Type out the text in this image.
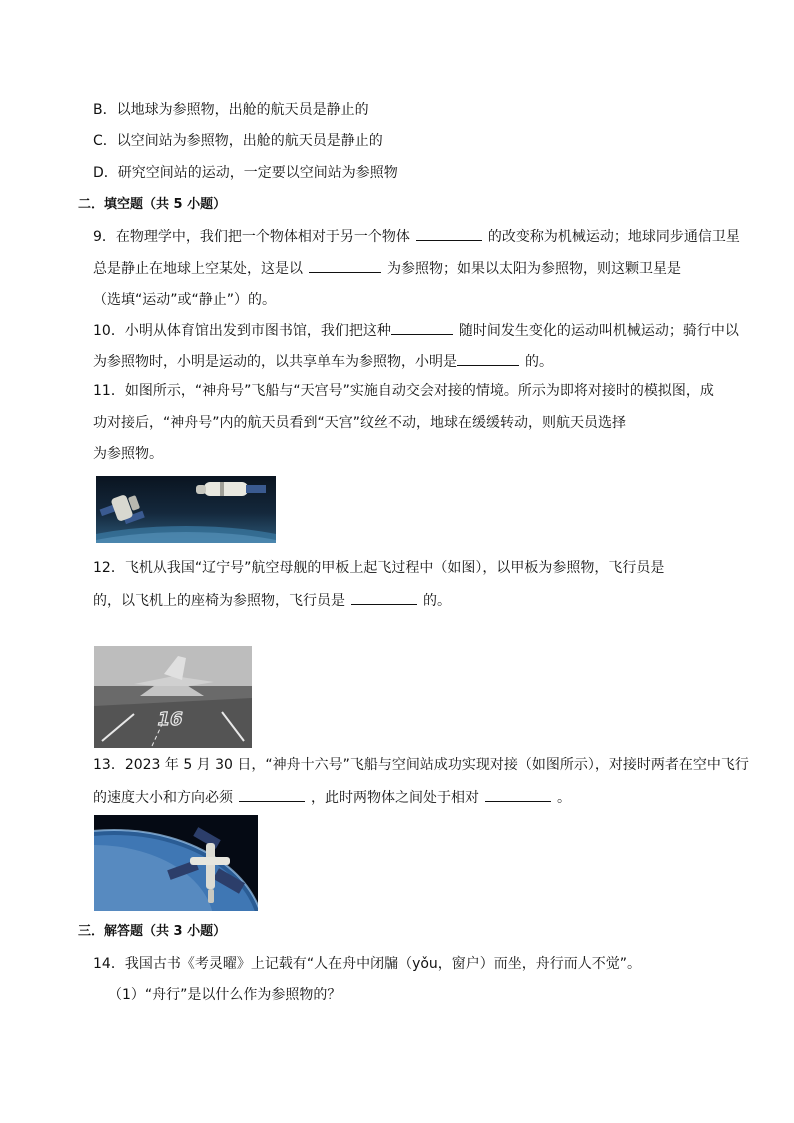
B．以地球为参照物，出舱的航天员是静止的
C．以空间站为参照物，出舱的航天员是静止的
D．研究空间站的运动，一定要以空间站为参照物
二．填空题（共 5 小题）
9．在物理学中，我们把一个物体相对于另一个物体	的改变称为机械运动；地球同步通信卫星
总是静止在地球上空某处，这是以	为参照物；如果以太阳为参照物，则这颗卫星是
（选填“运动”或“静止”）的。
10．小明从体育馆出发到市图书馆，我们把这种	随时间发生变化的运动叫机械运动；骑行中以
为参照物时，小明是运动的，以共享单车为参照物，小明是	的。
11．如图所示，“神舟号”飞船与“天宫号”实施自动交会对接的情境。所示为即将对接时的模拟图，成
功对接后，“神舟号”内的航天员看到“天宫”纹丝不动，地球在缓缓转动，则航天员选择
为参照物。
12．飞机从我国“辽宁号”航空母舰的甲板上起飞过程中（如图），以甲板为参照物，飞行员是
的，以飞机上的座椅为参照物，飞行员是	的。
16
13．2023 年 5 月 30 日，“神舟十六号”飞船与空间站成功实现对接（如图所示），对接时两者在空中飞行
的速度大小和方向必须	，此时两物体之间处于相对	。
三．解答题（共 3 小题）
14．我国古书《考灵曜》上记载有“人在舟中闭牖（yǒu，窗户）而坐，舟行而人不觉”。
（1）“舟行”是以什么作为参照物的？
